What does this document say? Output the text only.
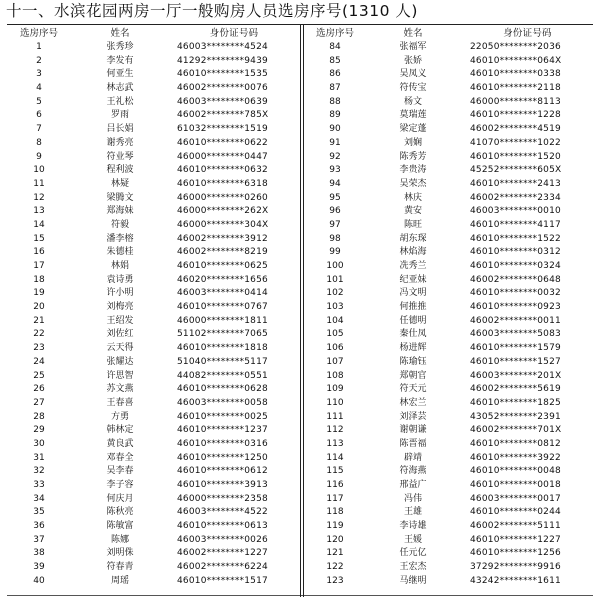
十一、水滨花园两房一厅一般购房人员选房序号(1310 人)
选房序号	姓名	身份证号码
1	张秀珍	46003********4524
2	李发有	41292********9439
3	何亚生	46010********1535
4	林志武	46002********0076
5	王礼松	46003********0639
6	罗雨	46002********785X
7	吕长娟	61032********1519
8	谢秀亮	46010********0622
9	符业琴	46000********0447
10	程利波	46010********0632
11	林疑	46010********6318
12	梁腾文	46000********0260
13	郑海妹	46000********262X
14	符毅	46000********304X
15	潘李榕	46002********3912
16	朱德桂	46002********8219
17	林娟	46010********0625
18	袁诗勇	46020********1656
19	许小明	46003********0414
20	刘梅亮	46010********0767
21	王绍发	46000********1811
22	刘佐红	51102********7065
23	云天得	46010********1818
24	张耀达	51040********5117
25	许思智	44082********0551
26	苏文燕	46010********0628
27	王春喜	46003********0058
28	方勇	46010********0025
29	韩林定	46010********1237
30	黄良武	46010********0316
31	邓春全	46010********1250
32	吴李春	46010********0612
33	李子容	46010********3913
34	何庆月	46000********2358
35	陈秋亮	46003********4522
36	陈敏富	46010********0613
37	陈娜	46003********0026
38	刘明侏	46002********1227
39	符春青	46002********6224
40	周瑶	46010********1517
选房序号	姓名	身份证号码
84	张福军	22050********2036
85	张娇	46010********064X
86	吴凤义	46010********0338
87	符传宝	46010********2118
88	杨文	46000********8113
89	莫瑞莲	46010********1228
90	梁定蓬	46002********4519
91	刘娴	41070********1022
92	陈秀芳	46010********1520
93	李贵涛	45252********605X
94	吴荣杰	46010********2413
95	林庆	46002********2334
96	黄安	46003********0010
97	陈旺	46010********4117
98	胡东琛	46010********1522
99	林焰海	46010********0312
100	冼秀兰	46010********0324
101	纪亚妹	46002********0648
102	冯文明	46010********0032
103	何推推	46010********0923
104	任德明	46002********0011
105	秦仕凤	46003********5083
106	杨进辉	46010********1579
107	陈瑜钰	46010********1527
108	郑朝官	46003********201X
109	符天元	46002********5619
110	林宏兰	46010********1825
111	刘泽芸	43052********2391
112	谢朝谦	46002********701X
113	陈晋福	46010********0812
114	辟靖	46010********3922
115	符海燕	46010********0048
116	邢益广	46010********0018
117	冯伟	46003********0017
118	王雄	46010********0244
119	李诗雄	46002********5111
120	王媛	46010********1227
121	任元亿	46010********1256
122	王宏杰	37292********9916
123	马继明	43242********1611
